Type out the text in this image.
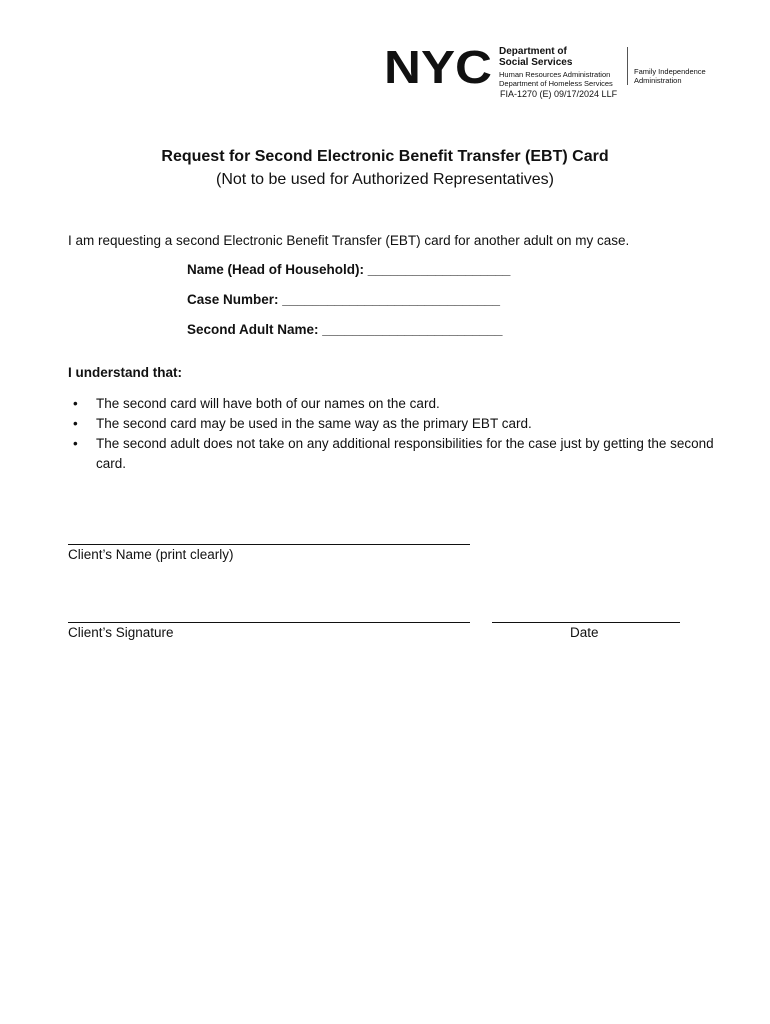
NYC Department of
Social Services
Human Resources Administration
Department of Homeless Services
Family Independence
Administration
FIA-1270 (E) 09/17/2024 LLF
Request for Second Electronic Benefit Transfer (EBT) Card
(Not to be used for Authorized Representatives)
I am requesting a second Electronic Benefit Transfer (EBT) card for another adult on my case.
Name (Head of Household): ___________________
Case Number: _____________________________
Second Adult Name: ________________________
I understand that:
• The second card will have both of our names on the card.
• The second card may be used in the same way as the primary EBT card.
• The second adult does not take on any additional responsibilities for the case just by getting the second card.
Client’s Name (print clearly)
Client’s Signature	Date
